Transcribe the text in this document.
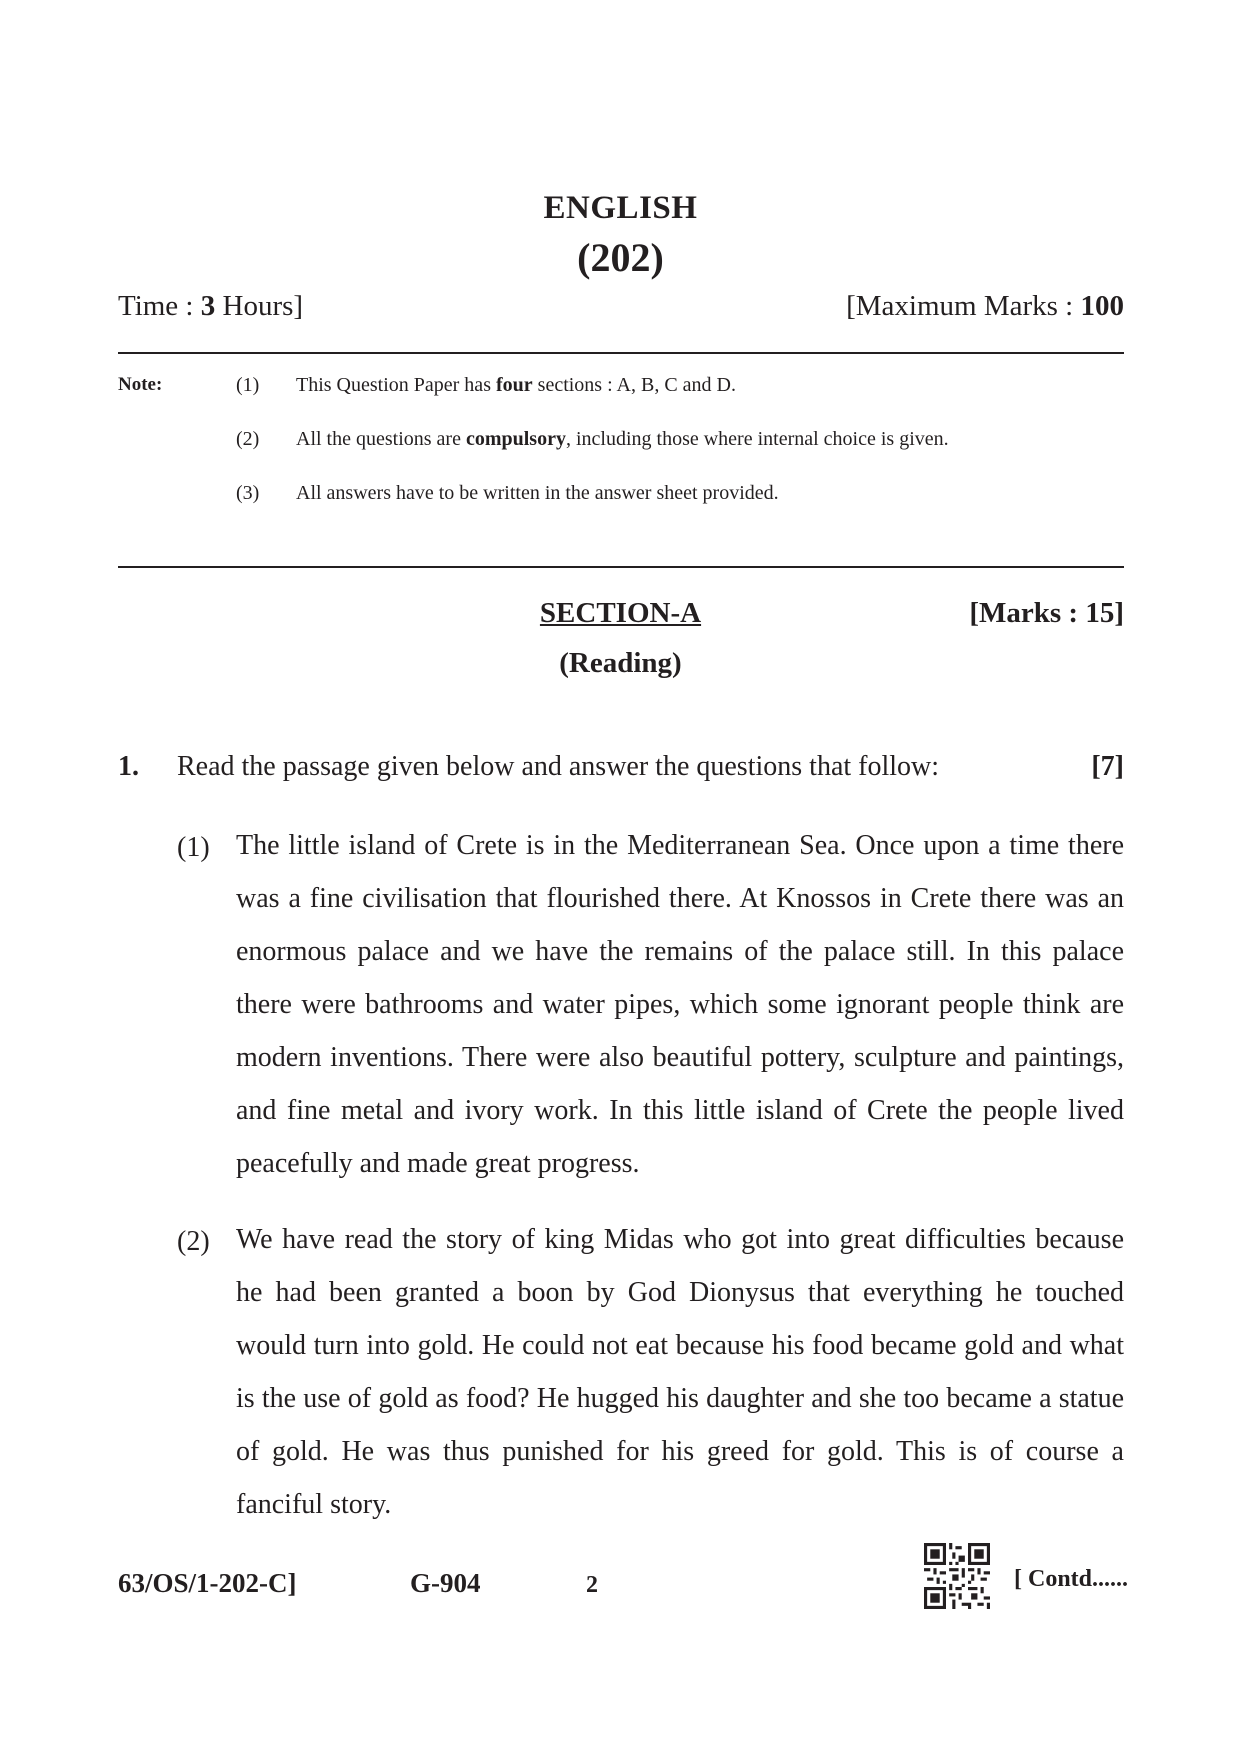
ENGLISH
(202)
Time : 3 Hours]	[Maximum Marks : 100
Note:	(1) This Question Paper has four sections : A, B, C and D.
(2) All the questions are compulsory, including those where internal choice is given.
(3) All answers have to be written in the answer sheet provided.
SECTION-A	[Marks : 15]
(Reading)
1. Read the passage given below and answer the questions that follow:	[7]
(1) The little island of Crete is in the Mediterranean Sea. Once upon a time there was a fine civilisation that flourished there. At Knossos in Crete there was an enormous palace and we have the remains of the palace still. In this palace there were bathrooms and water pipes, which some ignorant people think are modern inventions. There were also beautiful pottery, sculpture and paintings, and fine metal and ivory work. In this little island of Crete the people lived peacefully and made great progress.
(2) We have read the story of king Midas who got into great difficulties because he had been granted a boon by God Dionysus that everything he touched would turn into gold. He could not eat because his food became gold and what is the use of gold as food? He hugged his daughter and she too became a statue of gold. He was thus punished for his greed for gold. This is of course a fanciful story.
63/OS/1-202-C]	G-904	2	[ Contd......
